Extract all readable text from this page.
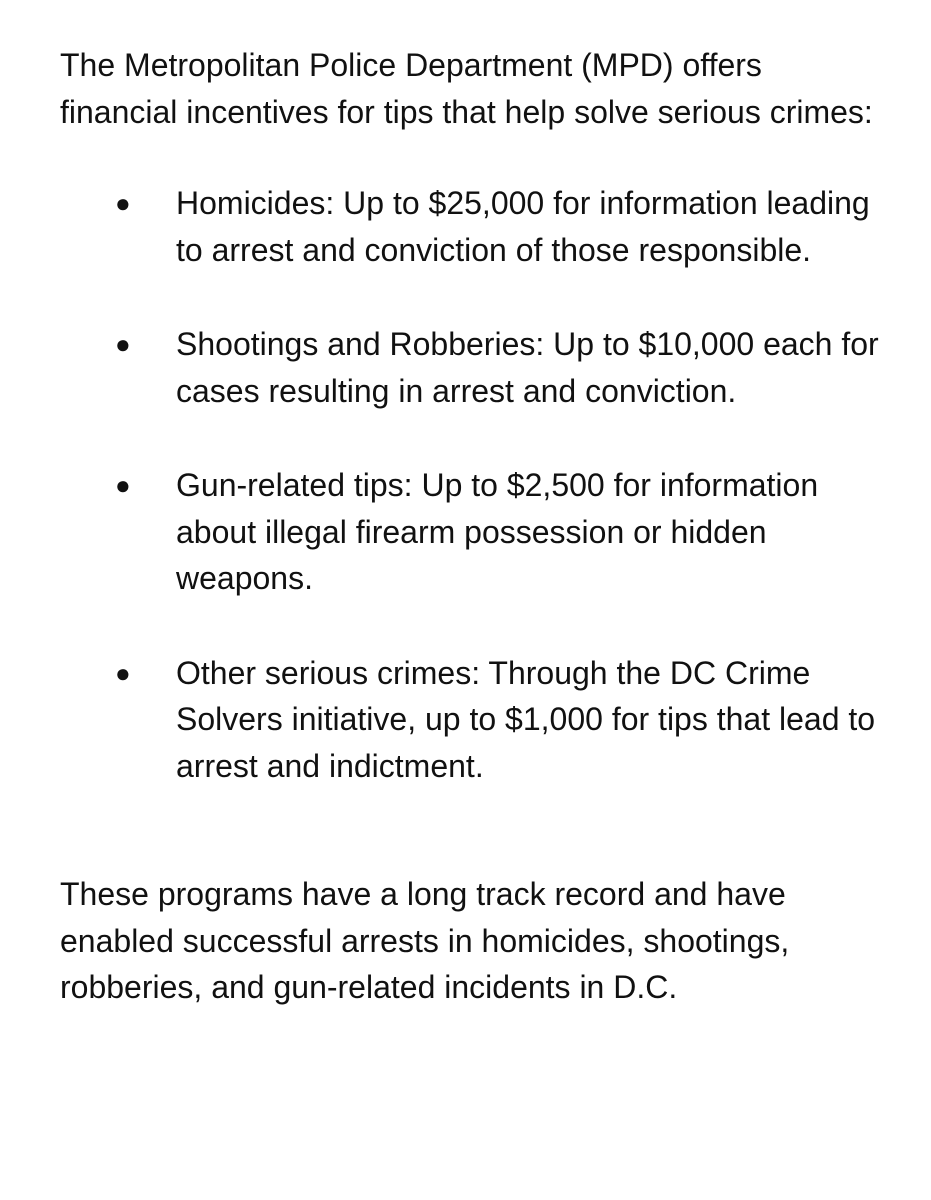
The Metropolitan Police Department (MPD) offers financial incentives for tips that help solve serious crimes:

● Homicides: Up to $25,000 for information leading to arrest and conviction of those responsible.
● Shootings and Robberies: Up to $10,000 each for cases resulting in arrest and conviction.
● Gun-related tips: Up to $2,500 for information about illegal firearm possession or hidden weapons.
● Other serious crimes: Through the DC Crime Solvers initiative, up to $1,000 for tips that lead to arrest and indictment.

These programs have a long track record and have enabled successful arrests in homicides, shootings, robberies, and gun-related incidents in D.C.
